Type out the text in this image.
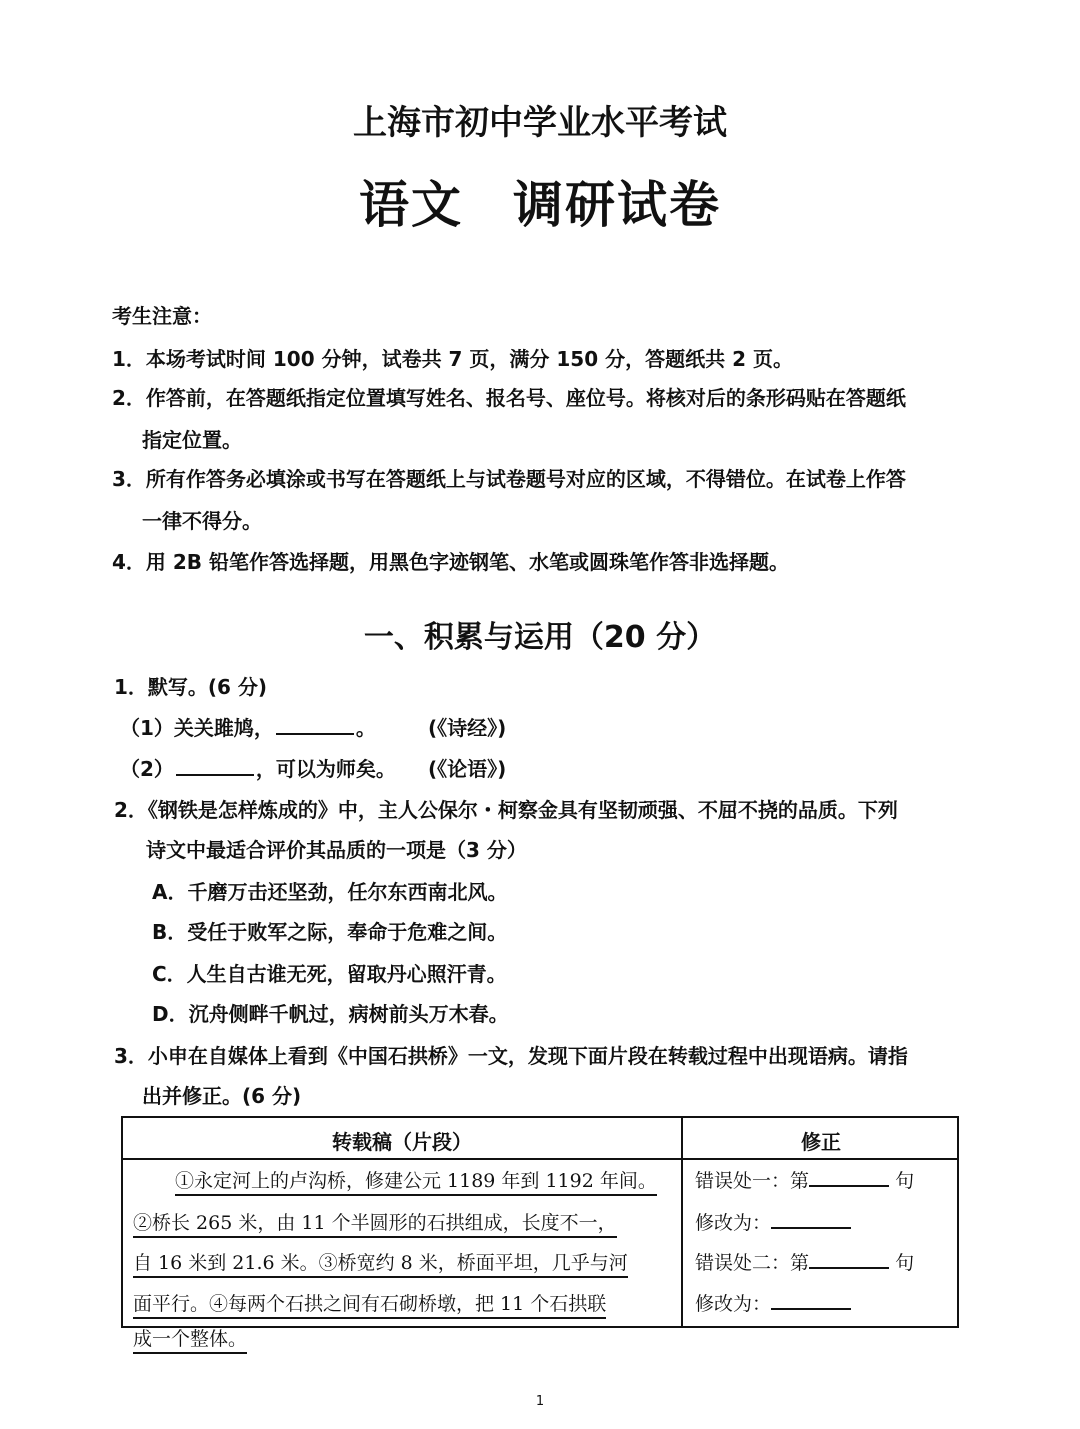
上海市初中学业水平考试
语文 调研试卷
考生注意：
1．本场考试时间 100 分钟，试卷共 7 页，满分 150 分，答题纸共 2 页。
2．作答前，在答题纸指定位置填写姓名、报名号、座位号。将核对后的条形码贴在答题纸
指定位置。
3．所有作答务必填涂或书写在答题纸上与试卷题号对应的区域，不得错位。在试卷上作答
一律不得分。
4．用 2B 铅笔作答选择题，用黑色字迹钢笔、水笔或圆珠笔作答非选择题。
一、积累与运用（20 分）
1．默写。(6 分)
（1）关关雎鸠，	。	(《诗经》)
（2）	，可以为师矣。 (《论语》)
2．《钢铁是怎样炼成的》中，主人公保尔・柯察金具有坚韧顽强、不屈不挠的品质。下列
诗文中最适合评价其品质的一项是（3 分）
A．千磨万击还坚劲，任尔东西南北风。
B．受任于败军之际，奉命于危难之间。
C．人生自古谁无死，留取丹心照汗青。
D．沉舟侧畔千帆过，病树前头万木春。
3．小申在自媒体上看到《中国石拱桥》一文，发现下面片段在转载过程中出现语病。请指
出并修正。(6 分)
转载稿（片段）	修正
①永定河上的卢沟桥，修建公元 1189 年到 1192 年间。
②桥长 265 米，由 11 个半圆形的石拱组成，长度不一，
自 16 米到 21.6 米。③桥宽约 8 米，桥面平坦，几乎与河
面平行。④每两个石拱之间有石砌桥墩，把 11 个石拱联
成一个整体。
错误处一：第	句
修改为：
错误处二：第	句
修改为：
1
